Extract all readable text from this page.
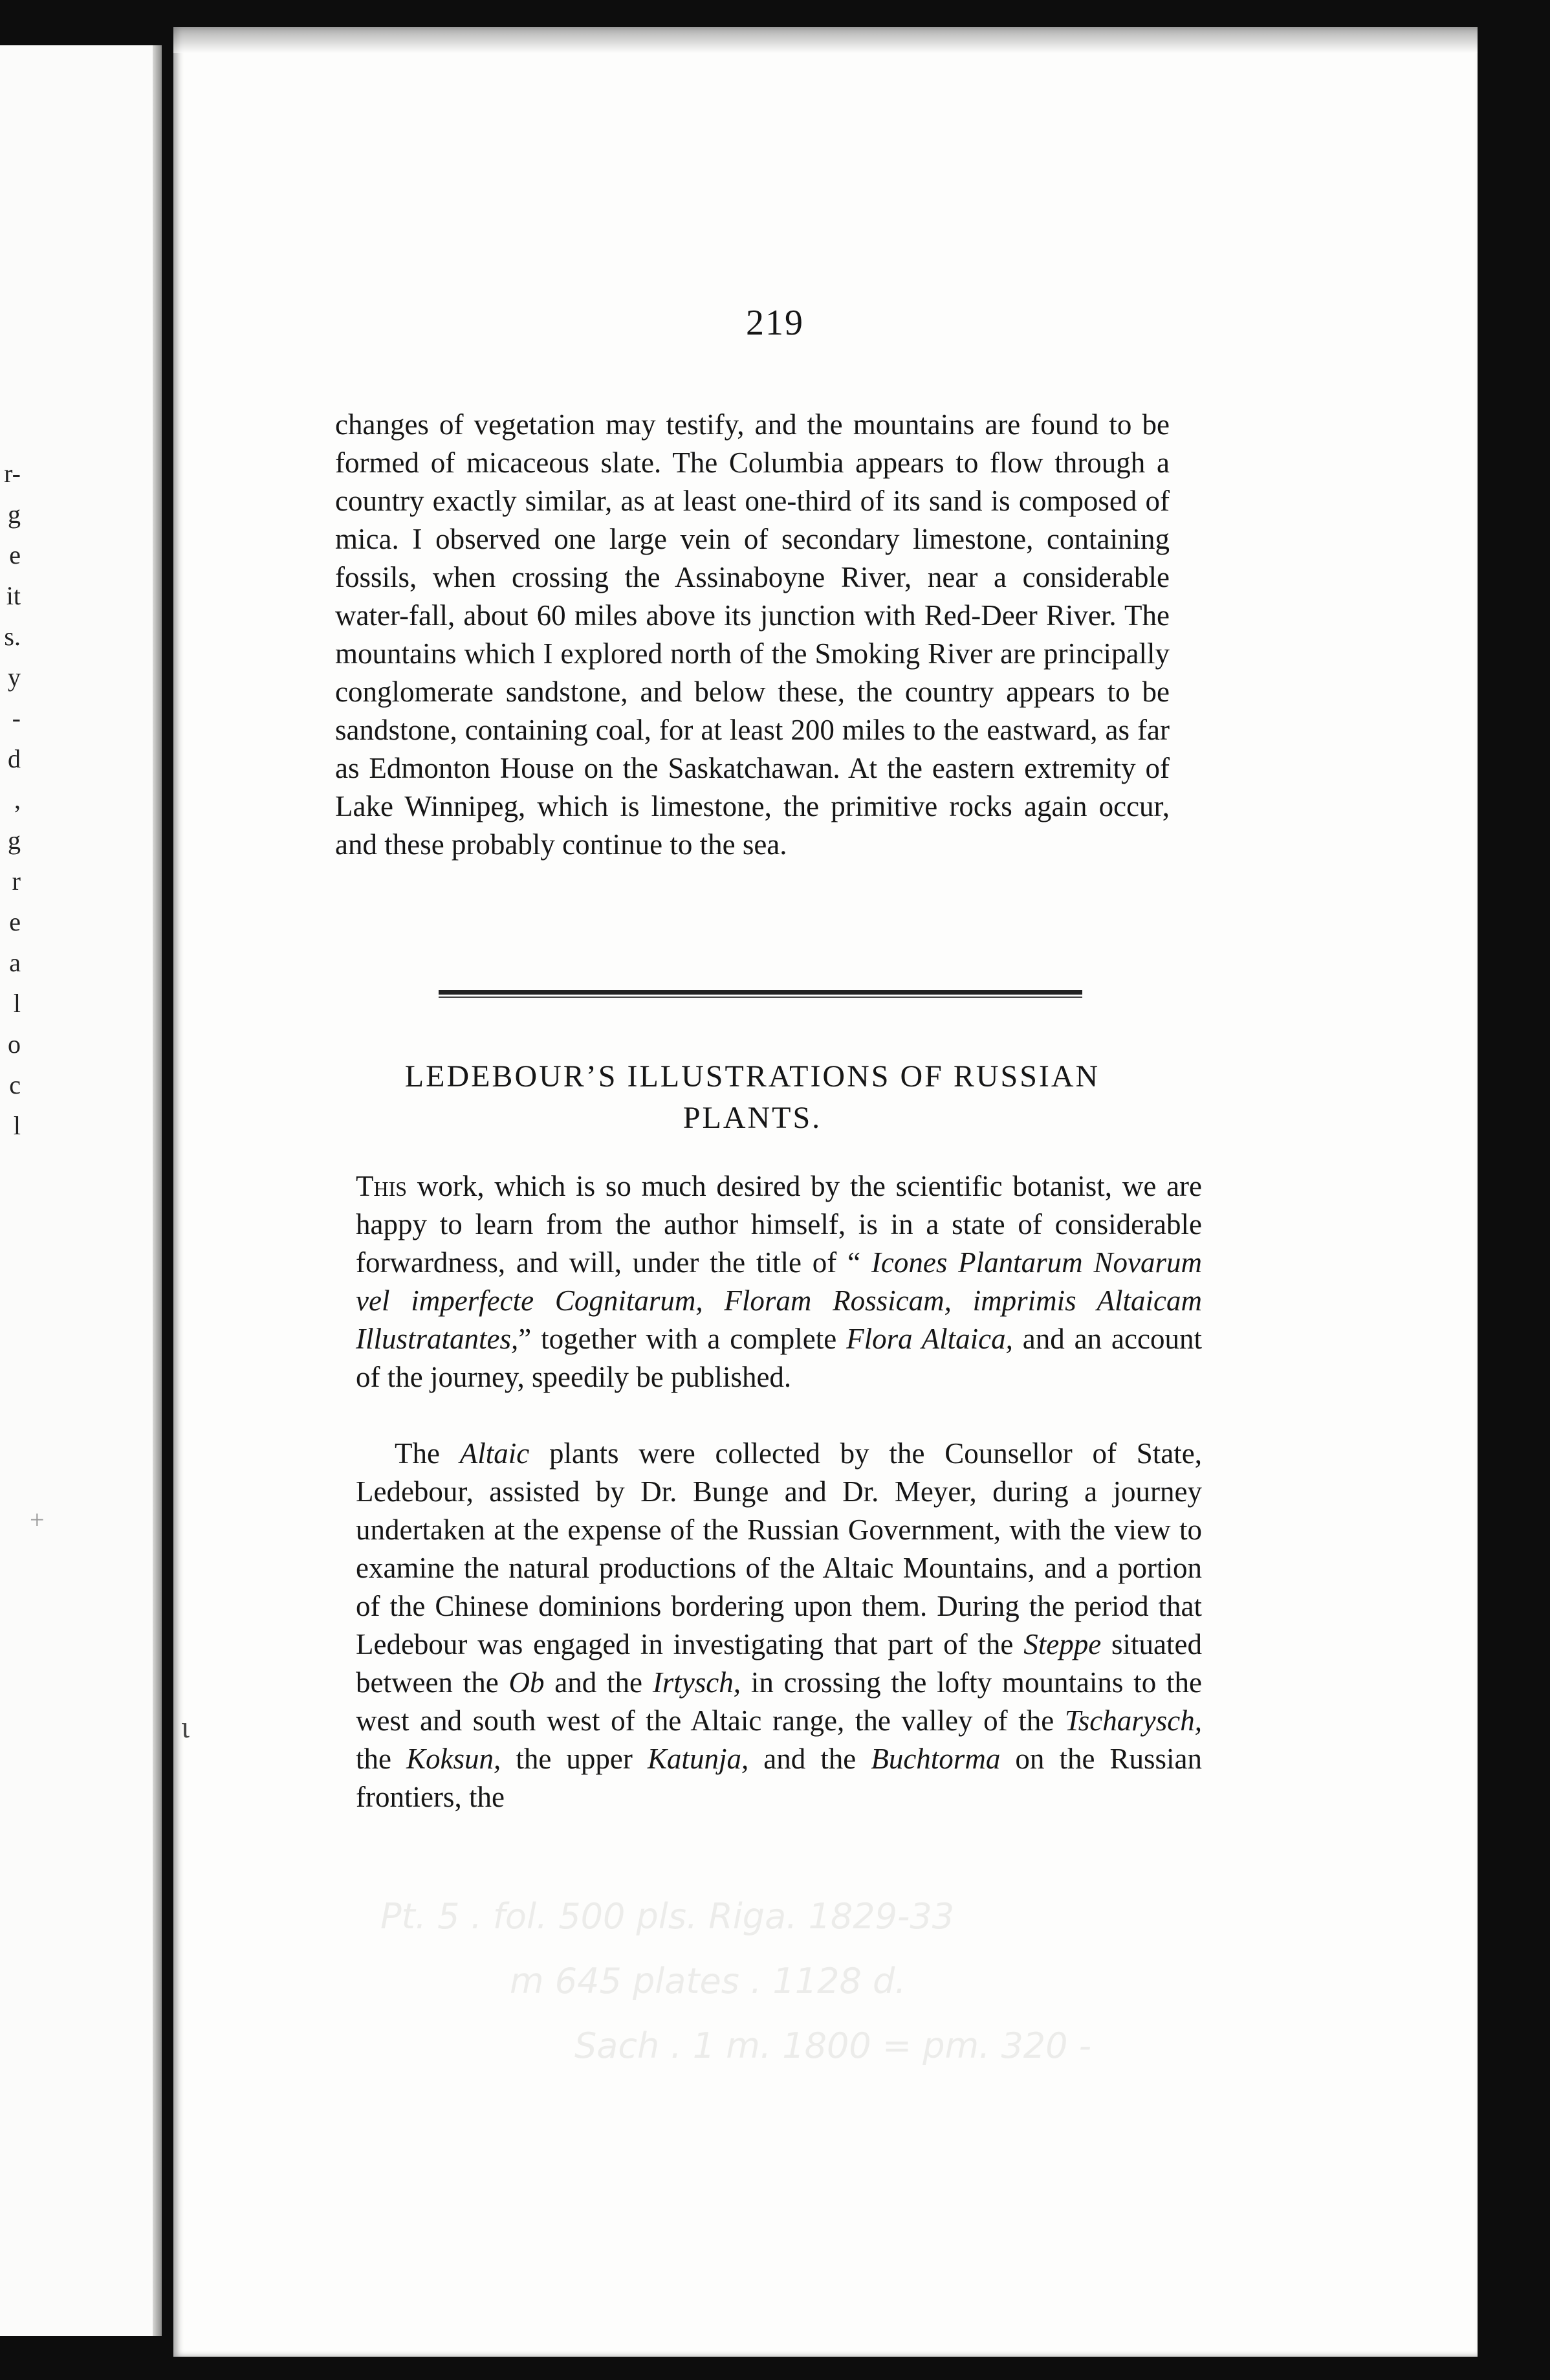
r-
g
e
it
s.
y
-
d
,
g
r
e
a
l
o
c
l
+
219

changes of vegetation may testify, and the mountains are found to be formed of micaceous slate. The Columbia appears to flow through a country exactly similar, as at least one-third of its sand is composed of mica. I observed one large vein of secondary limestone, containing fossils, when crossing the Assinaboyne River, near a considerable water-fall, about 60 miles above its junction with Red-Deer River. The mountains which I explored north of the Smoking River are principally conglomerate sandstone, and below these, the country appears to be sandstone, containing coal, for at least 200 miles to the eastward, as far as Edmonton House on the Saskatchawan. At the eastern extremity of Lake Winnipeg, which is limestone, the primitive rocks again occur, and these probably continue to the sea.

LEDEBOUR’S ILLUSTRATIONS OF RUSSIAN
PLANTS.

This work, which is so much desired by the scientific botanist, we are happy to learn from the author himself, is in a state of considerable forwardness, and will, under the title of “ Icones Plantarum Novarum vel imperfecte Cognitarum, Floram Rossicam, imprimis Altaicam Illustratantes,” together with a complete Flora Altaica, and an account of the journey, speedily be published.

The Altaic plants were collected by the Counsellor of State, Ledebour, assisted by Dr. Bunge and Dr. Meyer, during a journey undertaken at the expense of the Russian Government, with the view to examine the natural productions of the Altaic Mountains, and a portion of the Chinese dominions bordering upon them. During the period that Ledebour was engaged in investigating that part of the Steppe situated between the Ob and the Irtysch, in crossing the lofty mountains to the west and south west of the Altaic range, the valley of the Tscharysch, the Koksun, the upper Katunja, and the Buchtorma on the Russian frontiers, the

ɩ
Pt. 5 . fol. 500 pls. Riga. 1829-33
m 645 plates . 1128 d.
Sach . 1 m. 1800 = pm. 320 -
